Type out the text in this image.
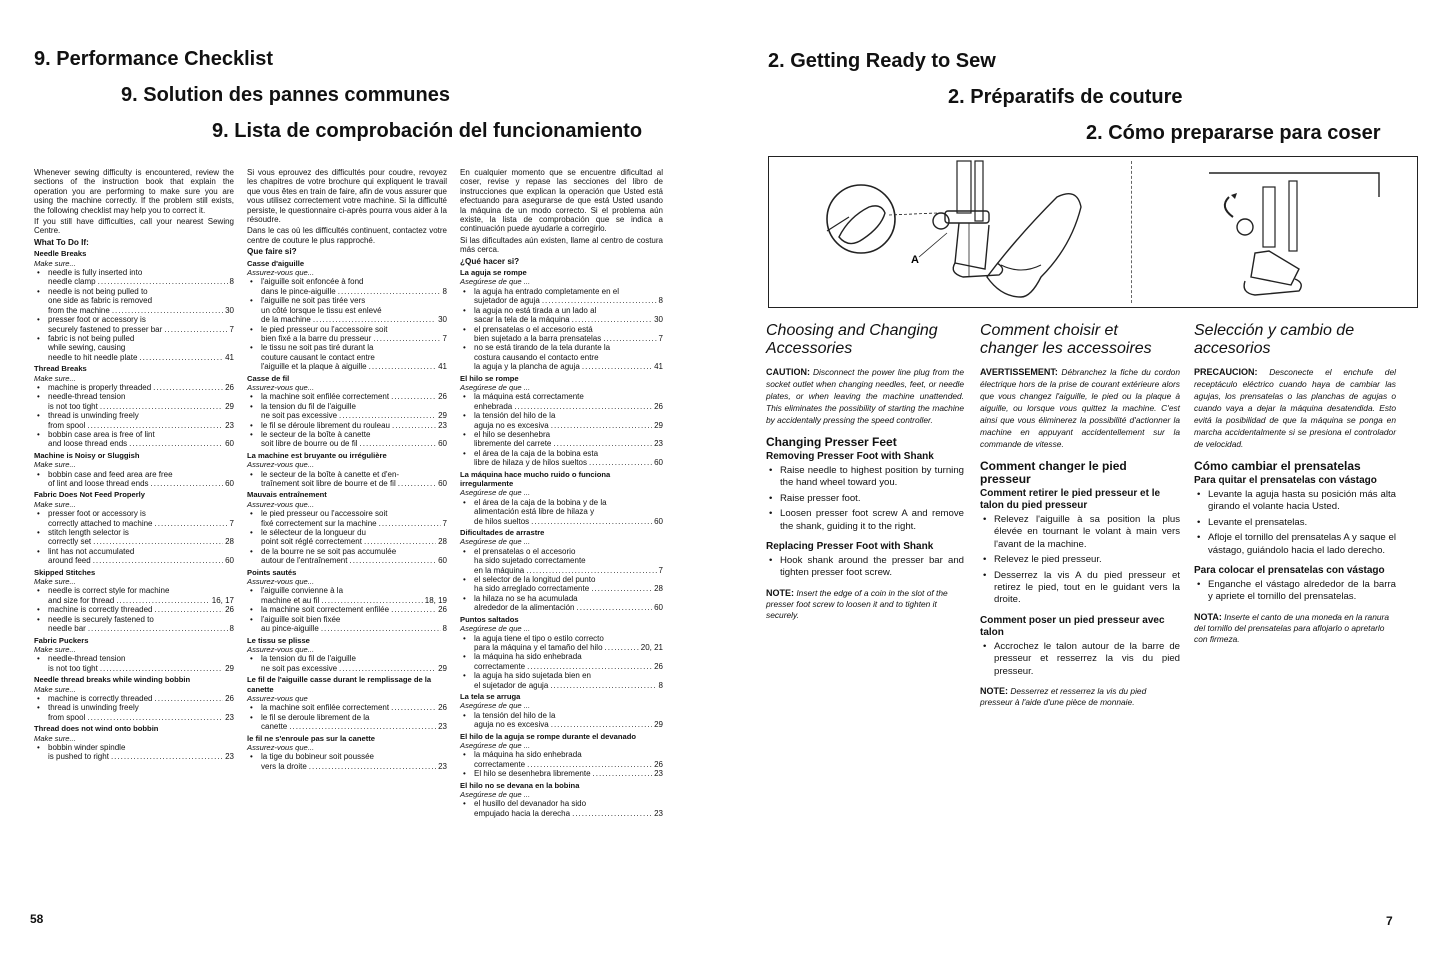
9. Performance Checklist
9. Solution des pannes communes
9. Lista de comprobación del funcionamiento

Whenever sewing difficulty is encountered, review the sections of the instruction book that explain the operation you are performing to make sure you are using the machine correctly. If the problem still exists, the following checklist may help you to correct it.

If you still have difficulties, call your nearest Sewing Centre.

What To Do If:
Needle Breaks
Make sure...
• needle is fully inserted into
needle clamp .....	8
• needle is not being pulled to
one side as fabric is removed
from the machine .....	30
• presser foot or accessory is
securely fastened to presser bar .....	7
• fabric is not being pulled
while sewing, causing
needle to hit needle plate .....	41
Thread Breaks
Make sure...
• machine is properly threaded .....	26
• needle-thread tension
is not too tight .....	29
• thread is unwinding freely
from spool .....	23
• bobbin case area is free of lint
and loose thread ends .....	60
Machine is Noisy or Sluggish
Make sure...
• bobbin case and feed area are free
of lint and loose thread ends .....	60
Fabric Does Not Feed Properly
Make sure...
• presser foot or accessory is
correctly attached to machine .....	7
• stitch length selector is
correctly set .....	28
• lint has not accumulated
around feed .....	60
Skipped Stitches
Make sure...
• needle is correct style for machine
and size for thread .....	16, 17
• machine is correctly threaded .....	26
• needle is securely fastened to
needle bar .....	8
Fabric Puckers
Make sure...
• needle-thread tension
is not too tight .....	29
Needle thread breaks while winding bobbin
Make sure...
• machine is correctly threaded .....	26
• thread is unwinding freely
from spool .....	23
Thread does not wind onto bobbin
Make sure...
• bobbin winder spindle
is pushed to right .....	23

Si vous eprouvez des difficultés pour coudre, revoyez les chapitres de votre brochure qui expliquent le travail que vous êtes en train de faire, afin de vous assurer que vous utilisez correctement votre machine. Si la difficulté persiste, le questionnaire ci-après pourra vous aider à la résoudre.

Dans le cas où les difficultés continuent, contactez votre centre de couture le plus rapproché.

Que faire si?
Casse d'aiguille
Assurez-vous que...
• l'aiguille soit enfoncée à fond
dans le pince-aiguille .....	8
• l'aiguille ne soit pas tirée vers
un côté lorsque le tissu est enlevé
de la machine .....	30
• le pied presseur ou l'accessoire soit
bien fixé a la barre du presseur .....	7
• le tissu ne soit pas tiré durant la
couture causant le contact entre
l'aiguille et la plaque à aiguille .....	41
Casse de fil
Assurez-vous que...
• la machine soit enfilée correctement .....	26
• la tension du fil de l'aiguille
ne soit pas excessive .....	29
• le fil se déroule librement du rouleau .....	23
• le secteur de la boîte à canette
soit libre de bourre ou de fil .....	60
La machine est bruyante ou irrégulière
Assurez-vous que...
• le secteur de la boîte à canette et d'en-
traînement soit libre de bourre et de fil .....	60
Mauvais entraînement
Assurez-vous que...
• le pied presseur ou l'accessoire soit
fixé correctement sur la machine .....	7
• le sélecteur de la longueur du
point soit réglé correctement .....	28
• de la bourre ne se soit pas accumulée
autour de l'entraînement .....	60
Points sautés
Assurez-vous que...
• l'aiguille convienne à la
machine et au fil .....	18, 19
• la machine soit correctement enfilée .....	26
• l'aiguille soit bien fixée
au pince-aiguille .....	8
Le tissu se plisse
Assurez-vous que...
• la tension du fil de l'aiguille
ne soit pas excessive .....	29
Le fil de l'aiguille casse durant le remplissage de la canette
Assurez-vous que
• la machine soit enfilée correctement .....	26
• le fil se deroule librement de la
canette .....	23
le fil ne s'enroule pas sur la canette
Assurez-vous que...
• la tige du bobineur soit poussée
vers la droite .....	23

En cualquier momento que se encuentre dificultad al coser, revise y repase las secciones del libro de instrucciones que explican la operación que Usted está efectuando para asegurarse de que está Usted usando la máquina de un modo correcto. Si el problema aún existe, la lista de comprobación que se indica a continuación puede ayudarle a corregirlo.

Si las dificultades aún existen, llame al centro de costura más cerca.

¿Qué hacer si?
La aguja se rompe
Asegúrese de que ...
• la aguja ha entrado completamente en el
sujetador de aguja .....	8
• la aguja no está tirada a un lado al
sacar la tela de la máquina .....	30
• el prensatelas o el accesorio está
bien sujetado a la barra prensatelas .....	7
• no se está tirando de la tela durante la
costura causando el contacto entre
la aguja y la plancha de aguja .....	41
El hilo se rompe
Asegúrese de que ...
• la máquina está correctamente
enhebrada .....	26
• la tensión del hilo de la
aguja no es excesiva .....	29
• el hilo se desenhebra
libremente del carrete .....	23
• el área de la caja de la bobina esta
libre de hilaza y de hilos sueltos .....	60
La máquina hace mucho ruido o funciona irregularmente
Asegúrese de que ...
• el área de la caja de la bobina y de la
alimentación está libre de hilaza y
de hilos sueltos .....	60
Dificultades de arrastre
Asegúrese de que ...
• el prensatelas o el accesorio
ha sido sujetado correctamente
en la máquina .....	7
• el selector de la longitud del punto
ha sido arreglado correctamente .....	28
• la hilaza no se ha acumulada
alrededor de la alimentación .....	60
Puntos saltados
Asegúrese de que ...
• la aguja tiene el tipo o estilo correcto
para la máquina y el tamaño del hilo .....	20, 21
• la máquina ha sido enhebrada
correctamente .....	26
• la aguja ha sido sujetada bien en
el sujetador de aguja .....	8
La tela se arruga
Asegúrese de que ...
• la tensión del hilo de la
aguja no es excesiva .....	29
El hilo de la aguja se rompe durante el devanado
Asegúrese de que ...
• la máquina ha sido enhebrada
correctamente .....	26
• El hilo se desenhebra libremente .....	23
El hilo no se devana en la bobina
Asegúrese de que ...
• el husillo del devanador ha sido
empujado hacia la derecha .....	23
58
2. Getting Ready to Sew
2. Préparatifs de couture
2. Cómo prepararse para coser
A
Choosing and Changing Accessories

CAUTION: Disconnect the power line plug from the socket outlet when changing needles, feet, or needle plates, or when leaving the machine unattended. This eliminates the possibility of starting the machine by accidentally pressing the speed controller.

Changing Presser Feet
Removing Presser Foot with Shank
• Raise needle to highest position by turning the hand wheel toward you.
• Raise presser foot.
• Loosen presser foot screw A and remove the shank, guiding it to the right.
Replacing Presser Foot with Shank
• Hook shank around the presser bar and tighten presser foot screw.

NOTE: Insert the edge of a coin in the slot of the presser foot screw to loosen it and to tighten it securely.

Comment choisir et changer les accessoires

AVERTISSEMENT: Débranchez la fiche du cordon électrique hors de la prise de courant extérieure alors que vous changez l'aiguille, le pied ou la plaque à aiguille, ou lorsque vous quittez la machine. C'est ainsi que vous éliminerez la possibilité d'actionner la machine en appuyant accidentellement sur la commande de vitesse.

Comment changer le pied presseur
Comment retirer le pied presseur et le talon du pied presseur
• Relevez l'aiguille à sa position la plus élevée en tournant le volant à main vers l'avant de la machine.
• Relevez le pied presseur.
• Desserrez la vis A du pied presseur et retirez le pied, tout en le guidant vers la droite.
Comment poser un pied presseur avec talon
• Accrochez le talon autour de la barre de presseur et resserrez la vis du pied presseur.

NOTE: Desserrez et resserrez la vis du pied presseur à l'aide d'une pièce de monnaie.

Selección y cambio de accesorios

PRECAUCION: Desconecte el enchufe del receptáculo eléctrico cuando haya de cambiar las agujas, los prensatelas o las planchas de agujas o cuando vaya a dejar la máquina desatendida. Esto evitá la posibilidad de que la máquina se ponga en marcha accidentalmente si se presiona el controlador de velocidad.

Cómo cambiar el prensatelas
Para quitar el prensatelas con vástago
• Levante la aguja hasta su posición más alta girando el volante hacia Usted.
• Levante el prensatelas.
• Afloje el tornillo del prensatelas A y saque el vástago, guiándolo hacia el lado derecho.
Para colocar el prensatelas con vástago
• Enganche el vástago alrededor de la barra y apriete el tornillo del prensatelas.

NOTA: Inserte el canto de una moneda en la ranura del tornillo del prensatelas para aflojarlo o apretarlo con firmeza.

7
